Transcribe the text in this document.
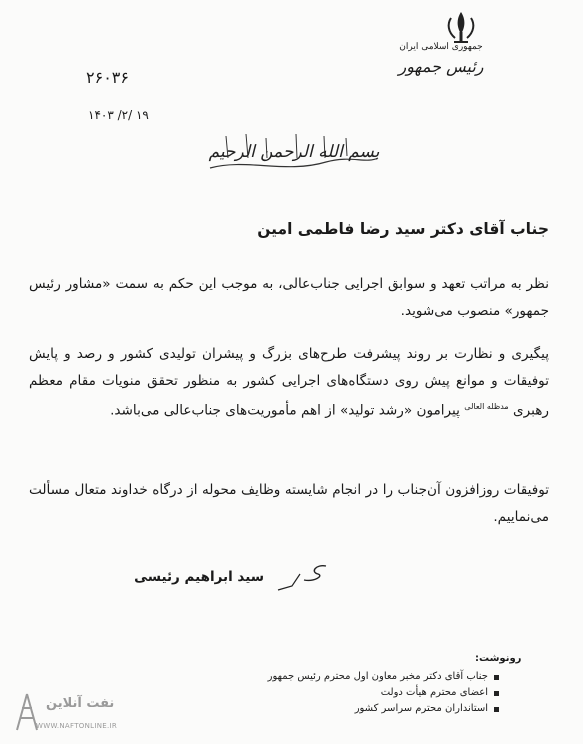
جمهوری اسلامی ایران
رئیس جمهور
۲۶۰۳۶
۱۴۰۳ /۲/ ۱۹
بسم الله الرحمن الرحیم
جناب آقای دکتر سید رضا فاطمی امین
نظر به مراتب تعهد و سوابق اجرایی جناب‌عالی، به موجب این حکم به سمت «مشاور رئیس جمهور» منصوب می‌شوید.
پیگیری و نظارت بر روند پیشرفت طرح‌های بزرگ و پیشران تولیدی کشور و رصد و پایش توفیقات و موانع پیش روی دستگاه‌های اجرایی کشور به منظور تحقق منویات مقام معظم رهبری $^{مدظله العالی}$ پیرامون «رشد تولید» از اهم مأموریت‌های جناب‌عالی می‌باشد.
توفیقات روزافزون آن‌جناب را در انجام شایسته وظایف محوله از درگاه خداوند متعال مسألت می‌نماییم.
سید ابراهیم رئیسی
رونوشت:
جناب آقای دکتر مخبر معاون اول محترم رئیس جمهور
اعضای محترم هیأت دولت
استانداران محترم سراسر کشور
نفت آنلاین
WWW.NAFTONLINE.IR
